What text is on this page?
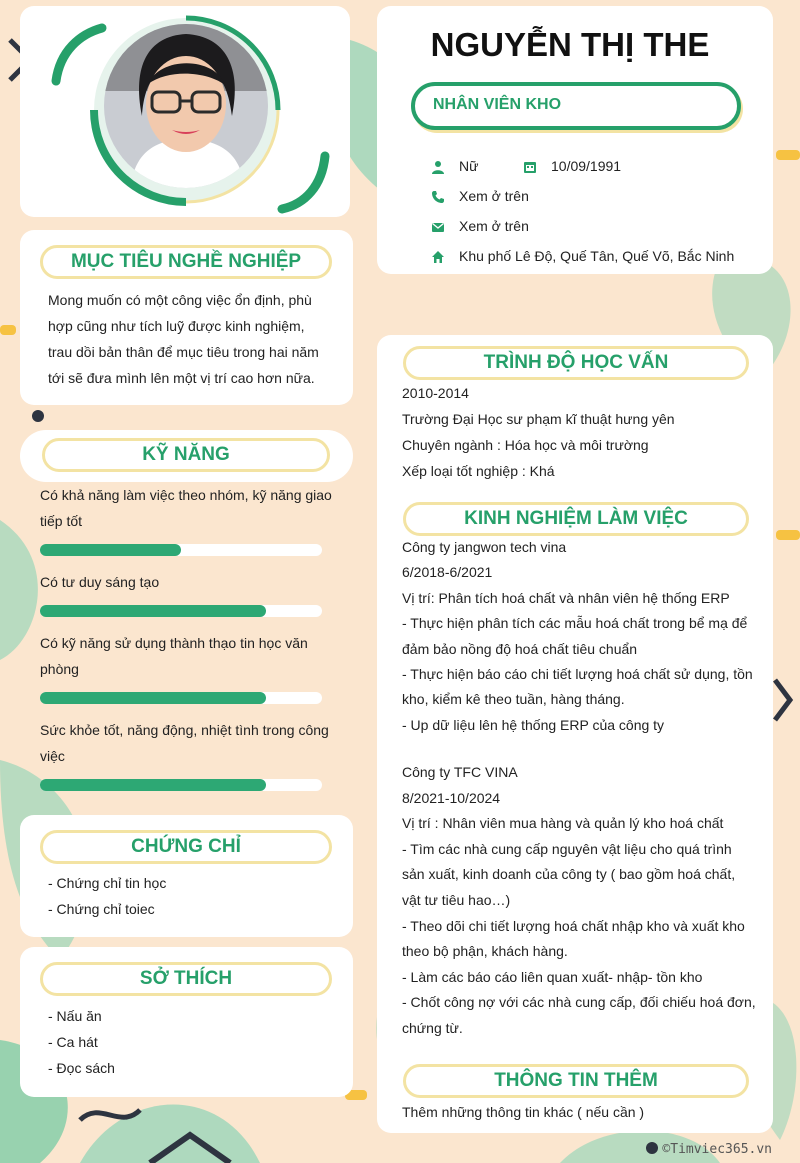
NGUYỄN THỊ THE
NHÂN VIÊN KHO
Nữ	10/09/1991
Xem ở trên
Xem ở trên
Khu phố Lê Độ, Quế Tân, Quế Võ, Bắc Ninh
MỤC TIÊU NGHỀ NGHIỆP
Mong muốn có một công việc ổn định, phù
hợp cũng như tích luỹ được kinh nghiệm,
trau dồi bản thân để mục tiêu trong hai năm
tới sẽ đưa mình lên một vị trí cao hơn nữa.
KỸ NĂNG
Có khả năng làm việc theo nhóm, kỹ năng giao
tiếp tốt
Có tư duy sáng tạo
Có kỹ năng sử dụng thành thạo tin học văn
phòng
Sức khỏe tốt, năng động, nhiệt tình trong công
việc
CHỨNG CHỈ
- Chứng chỉ tin học
- Chứng chỉ toiec
SỞ THÍCH
- Nấu ăn
- Ca hát
- Đọc sách
TRÌNH ĐỘ HỌC VẤN
2010-2014
Trường Đại Học sư phạm kĩ thuật hưng yên
Chuyên ngành : Hóa học và môi trường
Xếp loại tốt nghiệp : Khá
KINH NGHIỆM LÀM VIỆC
Công ty jangwon tech vina
6/2018-6/2021
Vị trí: Phân tích hoá chất và nhân viên hệ thống ERP
- Thực hiện phân tích các mẫu hoá chất trong bể mạ để
đảm bảo nồng độ hoá chất tiêu chuẩn
- Thực hiện báo cáo chi tiết lượng hoá chất sử dụng, tồn
kho, kiểm kê theo tuần, hàng tháng.
- Up dữ liệu lên hệ thống ERP của công ty
Công ty TFC VINA
8/2021-10/2024
Vị trí : Nhân viên mua hàng và quản lý kho hoá chất
- Tìm các nhà cung cấp nguyên vật liệu cho quá trình
sản xuất, kinh doanh của công ty ( bao gồm hoá chất,
vật tư tiêu hao…)
- Theo dõi chi tiết lượng hoá chất nhập kho và xuất kho
theo bộ phận, khách hàng.
- Làm các báo cáo liên quan xuất- nhập- tồn kho
- Chốt công nợ với các nhà cung cấp, đối chiếu hoá đơn,
chứng từ.
THÔNG TIN THÊM
Thêm những thông tin khác ( nếu cần )
©Timviec365.vn
